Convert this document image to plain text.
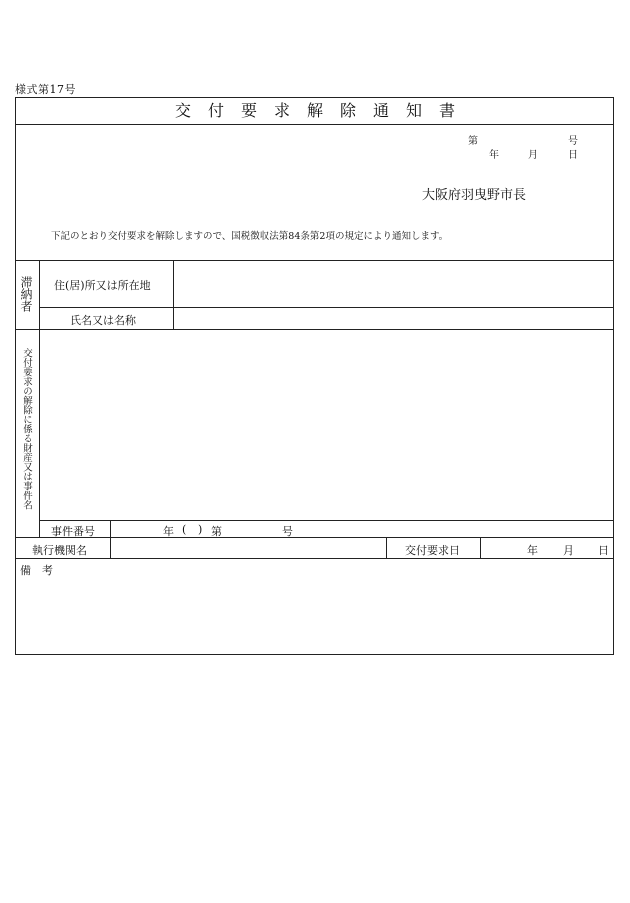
様式第17号
交付要求解除通知書
第	号
年	月	日
大阪府羽曳野市長
下記のとおり交付要求を解除しますので、国税徴収法第84条第2項の規定により通知します。
滞納者 住(居)所又は所在地
氏名又は名称
交付要求の解除に係る財産又は事件名
事件番号	年 ( ) 第	号
執行機関名	交付要求日	年 月 日
備　考
